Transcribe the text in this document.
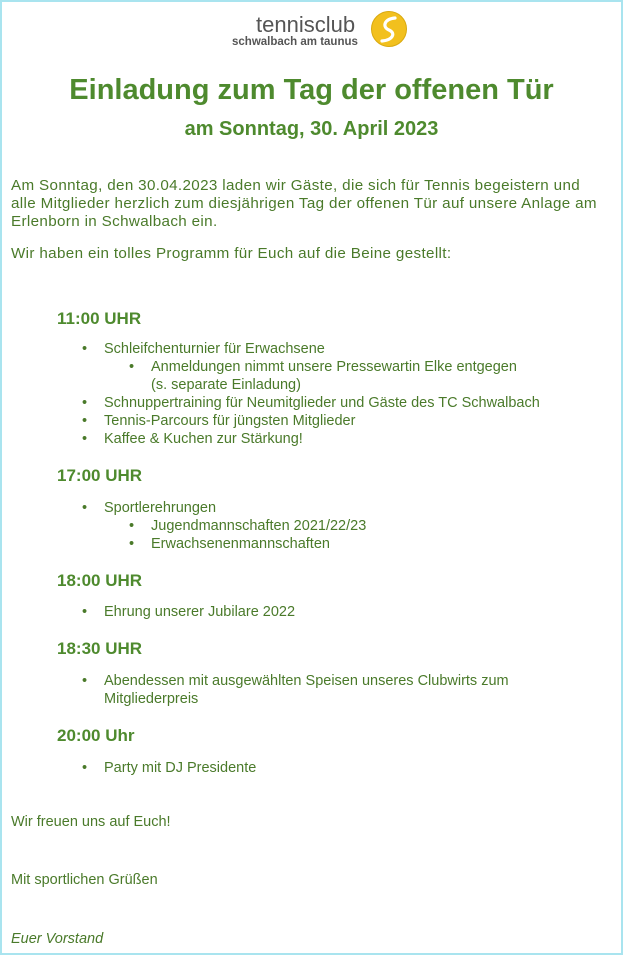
tennisclub
schwalbach am taunus
Einladung zum Tag der offenen Tür
am Sonntag, 30. April 2023
Am Sonntag, den 30.04.2023 laden wir Gäste, die sich für Tennis begeistern und alle Mitglieder herzlich zum diesjährigen Tag der offenen Tür auf unsere Anlage am Erlenborn in Schwalbach ein.
Wir haben ein tolles Programm für Euch auf die Beine gestellt:
11:00 UHR
• Schleifchenturnier für Erwachsene
• Anmeldungen nimmt unsere Pressewartin Elke entgegen
(s. separate Einladung)
• Schnuppertraining für Neumitglieder und Gäste des TC Schwalbach
• Tennis-Parcours für jüngsten Mitglieder
• Kaffee & Kuchen zur Stärkung!
17:00 UHR
• Sportlerehrungen
• Jugendmannschaften 2021/22/23
• Erwachsenenmannschaften
18:00 UHR
• Ehrung unserer Jubilare 2022
18:30 UHR
• Abendessen mit ausgewählten Speisen unseres Clubwirts zum
Mitgliederpreis
20:00 Uhr
• Party mit DJ Presidente
Wir freuen uns auf Euch!
Mit sportlichen Grüßen
Euer Vorstand
